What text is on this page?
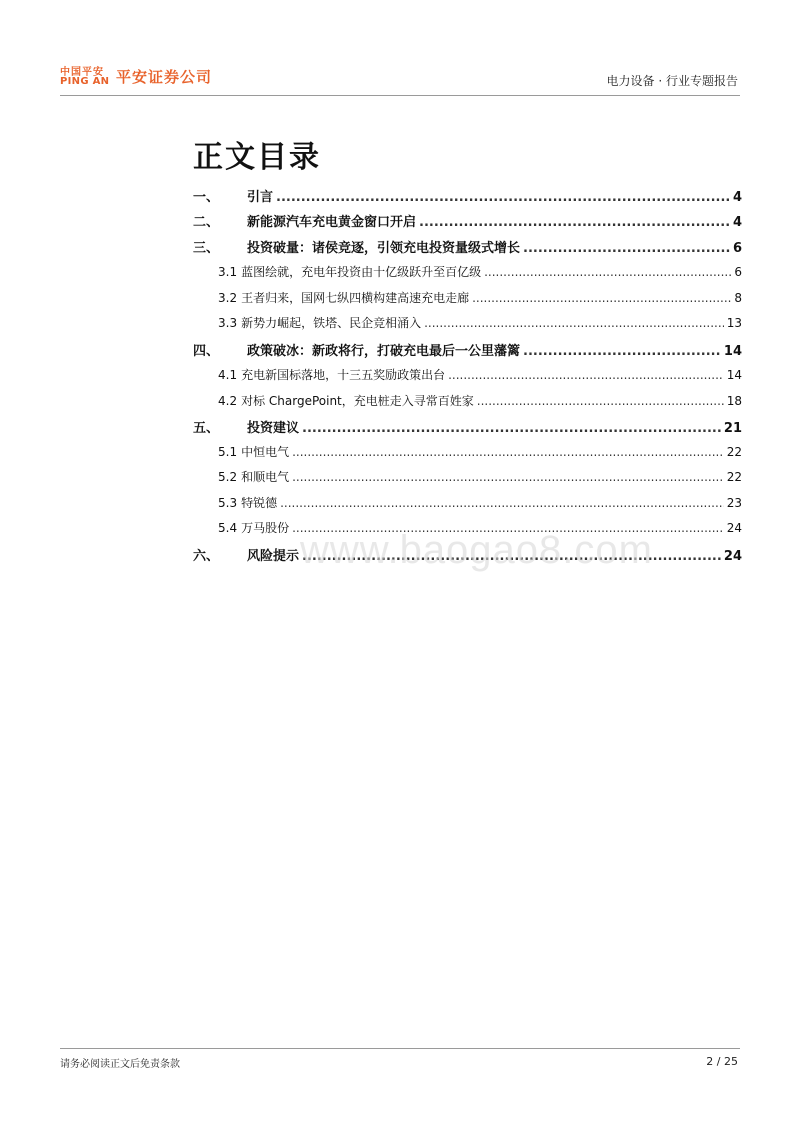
中国平安
PING AN 平安证券公司	电力设备 · 行业专题报告
正文目录
一、	引言 .....	4
二、	新能源汽车充电黄金窗口开启 .....	4
三、	投资破量：诸侯竞逐，引领充电投资量级式增长 .....	6
3.1 蓝图绘就，充电年投资由十亿级跃升至百亿级 .....	6
3.2 王者归来，国网七纵四横构建高速充电走廊 .....	8
3.3 新势力崛起，铁塔、民企竞相涌入 .....	13
四、	政策破冰：新政将行，打破充电最后一公里藩篱 .....	14
4.1 充电新国标落地，十三五奖励政策出台 .....	14
4.2 对标 ChargePoint，充电桩走入寻常百姓家 .....	18
五、	投资建议 .....	21
5.1 中恒电气 .....	22
5.2 和顺电气 .....	22
5.3 特锐德 .....	23
5.4 万马股份 .....	24
六、	风险提示 .....	24
www.baogao8.com
请务必阅读正文后免责条款	2 / 25
